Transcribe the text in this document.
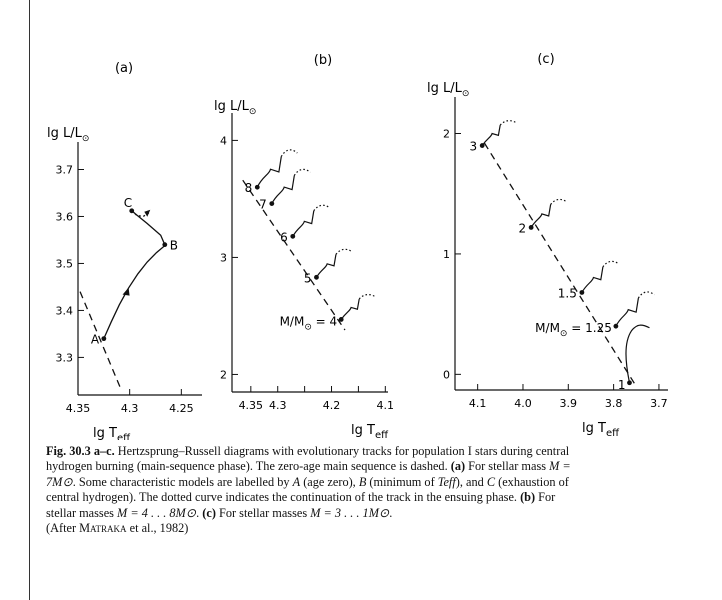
(a)
3.3
3.4
3.5
3.6
3.7
4.35	4.3	4.25
$\lg L/L_⊙$
$\lg T_{eff}$
A
B
C
(b)
2
3
4
4.35 4.3	4.2	4.1
$\lg L/L_⊙$
$\lg T_{eff}$
$M/M_⊙ = 4$
5
6
7
8
(c)
0
1
2
4.1	4.0	3.9	3.8	3.7
$\lg L/L_⊙$
$\lg T_{eff}$
3
2
1.5
$M/M_⊙ = 1.25$
1
Fig. 30.3 a–c. Hertzsprung–Russell diagrams with evolutionary tracks for population I stars during central hydrogen burning (main-sequence phase). The zero-age main sequence is dashed. (a) For stellar mass M = 7M⊙. Some characteristic models are labelled by A (age zero), B (minimum of Teff), and C (exhaustion of central hydrogen). The dotted curve indicates the continuation of the track in the ensuing phase. (b) For stellar masses M = 4 . . . 8M⊙. (c) For stellar masses M = 3 . . . 1M⊙.
(After Matraka et al., 1982)
